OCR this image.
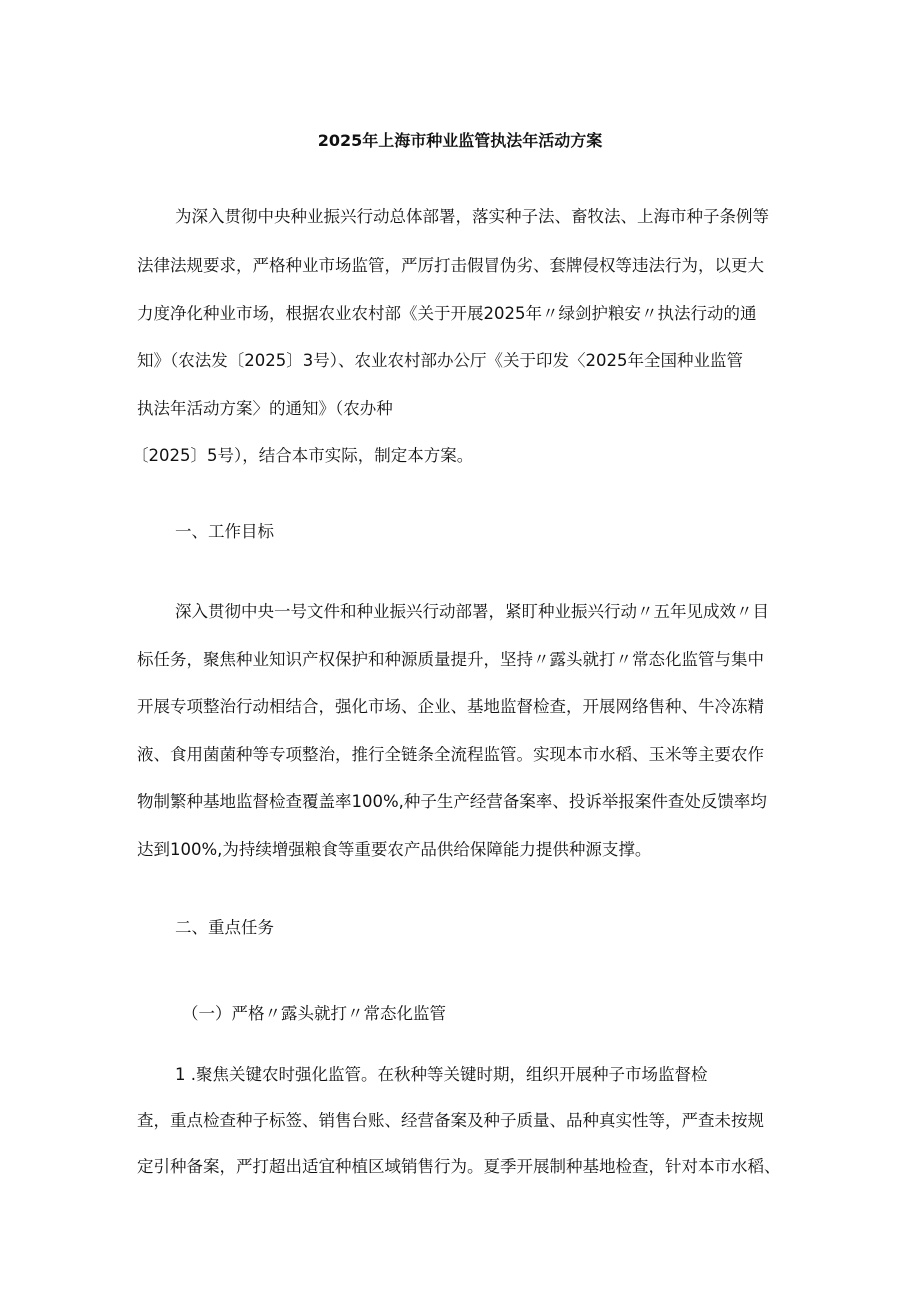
2025年上海市种业监管执法年活动方案
为深入贯彻中央种业振兴行动总体部署，落实种子法、畜牧法、上海市种子条例等
法律法规要求，严格种业市场监管，严厉打击假冒伪劣、套牌侵权等违法行为，以更大
力度净化种业市场，根据农业农村部《关于开展2025年〃绿剑护粮安〃执法行动的通
知》（农法发〔2025〕3号）、农业农村部办公厅《关于印发〈2025年全国种业监管
执法年活动方案〉的通知》（农办种
〔2025〕5号），结合本市实际，制定本方案。
一、工作目标
深入贯彻中央一号文件和种业振兴行动部署，紧盯种业振兴行动〃五年见成效〃目
标任务，聚焦种业知识产权保护和种源质量提升，坚持〃露头就打〃常态化监管与集中
开展专项整治行动相结合，强化市场、企业、基地监督检查，开展网络售种、牛冷冻精
液、食用菌菌种等专项整治，推行全链条全流程监管。实现本市水稻、玉米等主要农作
物制繁种基地监督检查覆盖率100%,种子生产经营备案率、投诉举报案件查处反馈率均
达到100%,为持续增强粮食等重要农产品供给保障能力提供种源支撑。
二、重点任务
（一）严格〃露头就打〃常态化监管
1 .聚焦关键农时强化监管。在秋种等关键时期，组织开展种子市场监督检
查，重点检查种子标签、销售台账、经营备案及种子质量、品种真实性等，严查未按规
定引种备案，严打超出适宜种植区域销售行为。夏季开展制种基地检查，针对本市水稻、
